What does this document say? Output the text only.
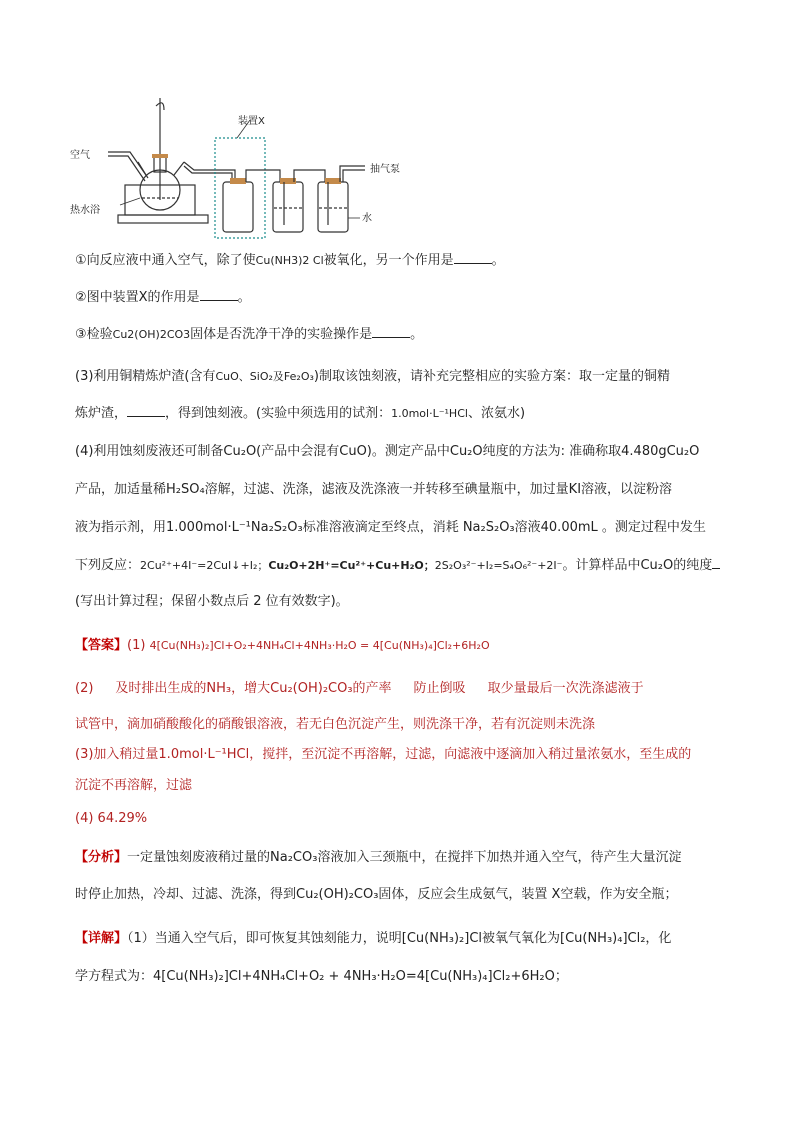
空气
热水浴
装置X
抽气泵
水
①向反应液中通入空气，除了使Cu(NH3)2 Cl被氧化，另一个作用是	。
②图中装置X的作用是	。
③检验Cu2(OH)2CO3固体是否洗净干净的实验操作是	。
(3)利用铜精炼炉渣(含有CuO、SiO₂及Fe₂O₃)制取该蚀刻液，请补充完整相应的实验方案：取一定量的铜精
炼炉渣，	，得到蚀刻液。(实验中须选用的试剂：1.0mol·L⁻¹HCl、浓氨水)
(4)利用蚀刻废液还可制备Cu₂O(产品中会混有CuO)。测定产品中Cu₂O纯度的方法为: 准确称取4.480gCu₂O
产品，加适量稀H₂SO₄溶解，过滤、洗涤，滤液及洗涤液一并转移至碘量瓶中，加过量KI溶液，以淀粉溶
液为指示剂，用1.000mol·L⁻¹Na₂S₂O₃标准溶液滴定至终点，消耗 Na₂S₂O₃溶液40.00mL 。测定过程中发生
下列反应：2Cu²⁺+4I⁻=2CuI↓+I₂；Cu₂O+2H⁺=Cu²⁺+Cu+H₂O；2S₂O₃²⁻+I₂=S₄O₆²⁻+2I⁻。计算样品中Cu₂O的纯度
(写出计算过程；保留小数点后 2 位有效数字)。
【答案】(1) 4[Cu(NH₃)₂]Cl+O₂+4NH₄Cl+4NH₃·H₂O = 4[Cu(NH₃)₄]Cl₂+6H₂O
(2) 及时排出生成的NH₃，增大Cu₂(OH)₂CO₃的产率 防止倒吸 取少量最后一次洗涤滤液于
试管中，滴加硝酸酸化的硝酸银溶液，若无白色沉淀产生，则洗涤干净，若有沉淀则未洗涤
(3)加入稍过量1.0mol·L⁻¹HCl，搅拌，至沉淀不再溶解，过滤，向滤液中逐滴加入稍过量浓氨水，至生成的
沉淀不再溶解，过滤
(4) 64.29%
【分析】一定量蚀刻废液稍过量的Na₂CO₃溶液加入三颈瓶中，在搅拌下加热并通入空气，待产生大量沉淀
时停止加热，冷却、过滤、洗涤，得到Cu₂(OH)₂CO₃固体，反应会生成氨气，装置 X空载，作为安全瓶；
【详解】（1）当通入空气后，即可恢复其蚀刻能力，说明[Cu(NH₃)₂]Cl被氧气氧化为[Cu(NH₃)₄]Cl₂，化
学方程式为：4[Cu(NH₃)₂]Cl+4NH₄Cl+O₂ + 4NH₃·H₂O=4[Cu(NH₃)₄]Cl₂+6H₂O；
